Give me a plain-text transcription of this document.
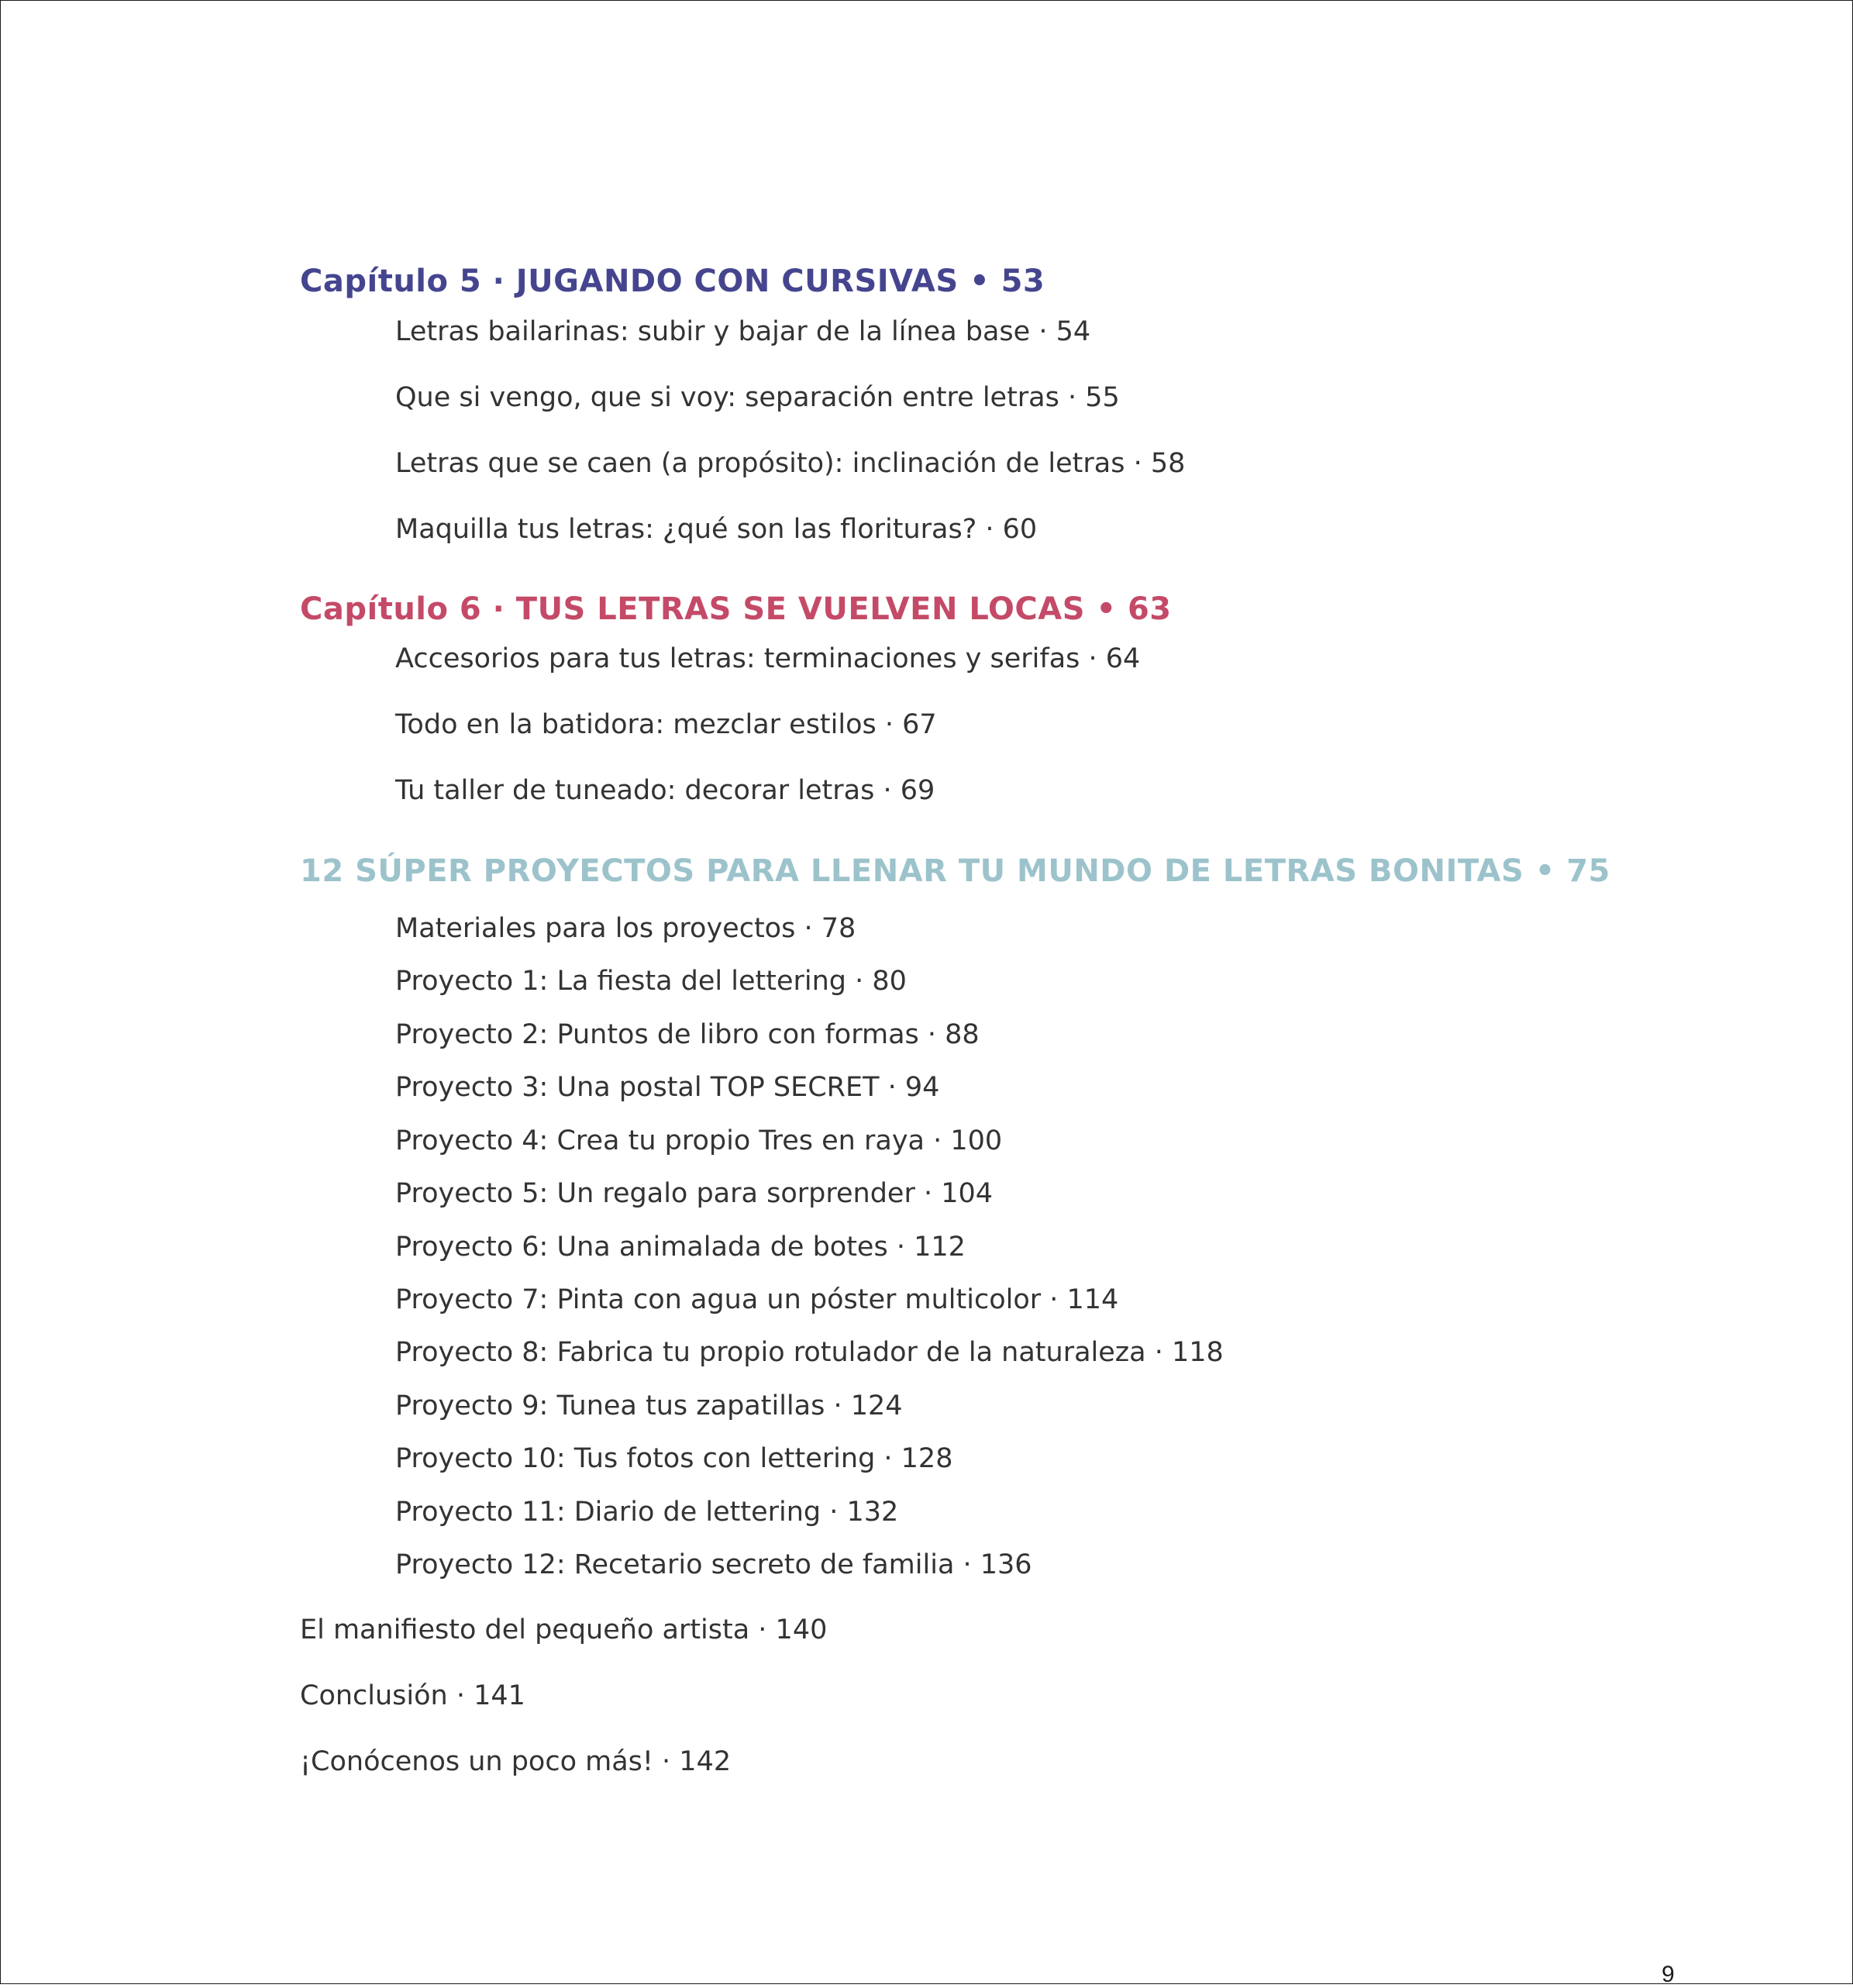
Capítulo 5 · JUGANDO CON CURSIVAS • 53
Letras bailarinas: subir y bajar de la línea base · 54
Que si vengo, que si voy: separación entre letras · 55
Letras que se caen (a propósito): inclinación de letras · 58
Maquilla tus letras: ¿qué son las florituras? · 60
Capítulo 6 · TUS LETRAS SE VUELVEN LOCAS • 63
Accesorios para tus letras: terminaciones y serifas · 64
Todo en la batidora: mezclar estilos · 67
Tu taller de tuneado: decorar letras · 69
12 SÚPER PROYECTOS PARA LLENAR TU MUNDO DE LETRAS BONITAS • 75
Materiales para los proyectos · 78
Proyecto 1: La fiesta del lettering · 80
Proyecto 2: Puntos de libro con formas · 88
Proyecto 3: Una postal TOP SECRET · 94
Proyecto 4: Crea tu propio Tres en raya · 100
Proyecto 5: Un regalo para sorprender · 104
Proyecto 6: Una animalada de botes · 112
Proyecto 7: Pinta con agua un póster multicolor · 114
Proyecto 8: Fabrica tu propio rotulador de la naturaleza · 118
Proyecto 9: Tunea tus zapatillas · 124
Proyecto 10: Tus fotos con lettering · 128
Proyecto 11: Diario de lettering · 132
Proyecto 12: Recetario secreto de familia · 136
El manifiesto del pequeño artista · 140
Conclusión · 141
¡Conócenos un poco más! · 142
9
